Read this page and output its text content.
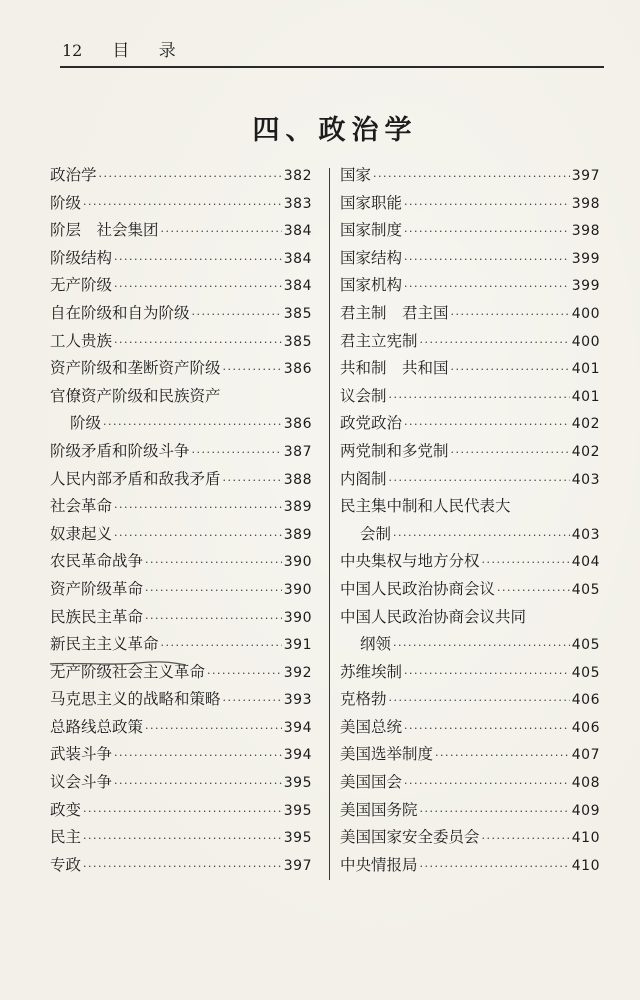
12 目 录
四、政治学
政治学 ·····	382
阶级 ·····	383
阶层　社会集团 ·····	384
阶级结构 ·····	384
无产阶级 ·····	384
自在阶级和自为阶级 ·····	385
工人贵族 ·····	385
资产阶级和垄断资产阶级 ·····	386
官僚资产阶级和民族资产
阶级 ·····	386
阶级矛盾和阶级斗争 ·····	387
人民内部矛盾和敌我矛盾 ·····	388
社会革命 ·····	389
奴隶起义 ·····	389
农民革命战争 ·····	390
资产阶级革命 ·····	390
民族民主革命 ·····	390
新民主主义革命 ·····	391
无产阶级社会主义革命 ·····	392
马克思主义的战略和策略 ·····	393
总路线总政策 ·····	394
武装斗争 ·····	394
议会斗争 ·····	395
政变 ·····	395
民主 ·····	395
专政 ·····	397
国家 ·····	397
国家职能 ·····	398
国家制度 ·····	398
国家结构 ·····	399
国家机构 ·····	399
君主制　君主国 ·····	400
君主立宪制 ·····	400
共和制　共和国 ·····	401
议会制 ·····	401
政党政治 ·····	402
两党制和多党制 ·····	402
内阁制 ·····	403
民主集中制和人民代表大
会制 ·····	403
中央集权与地方分权 ·····	404
中国人民政治协商会议 ·····	405
中国人民政治协商会议共同
纲领 ·····	405
苏维埃制 ·····	405
克格勃 ·····	406
美国总统 ·····	406
美国选举制度 ·····	407
美国国会 ·····	408
美国国务院 ·····	409
美国国家安全委员会 ·····	410
中央情报局 ·····	410
